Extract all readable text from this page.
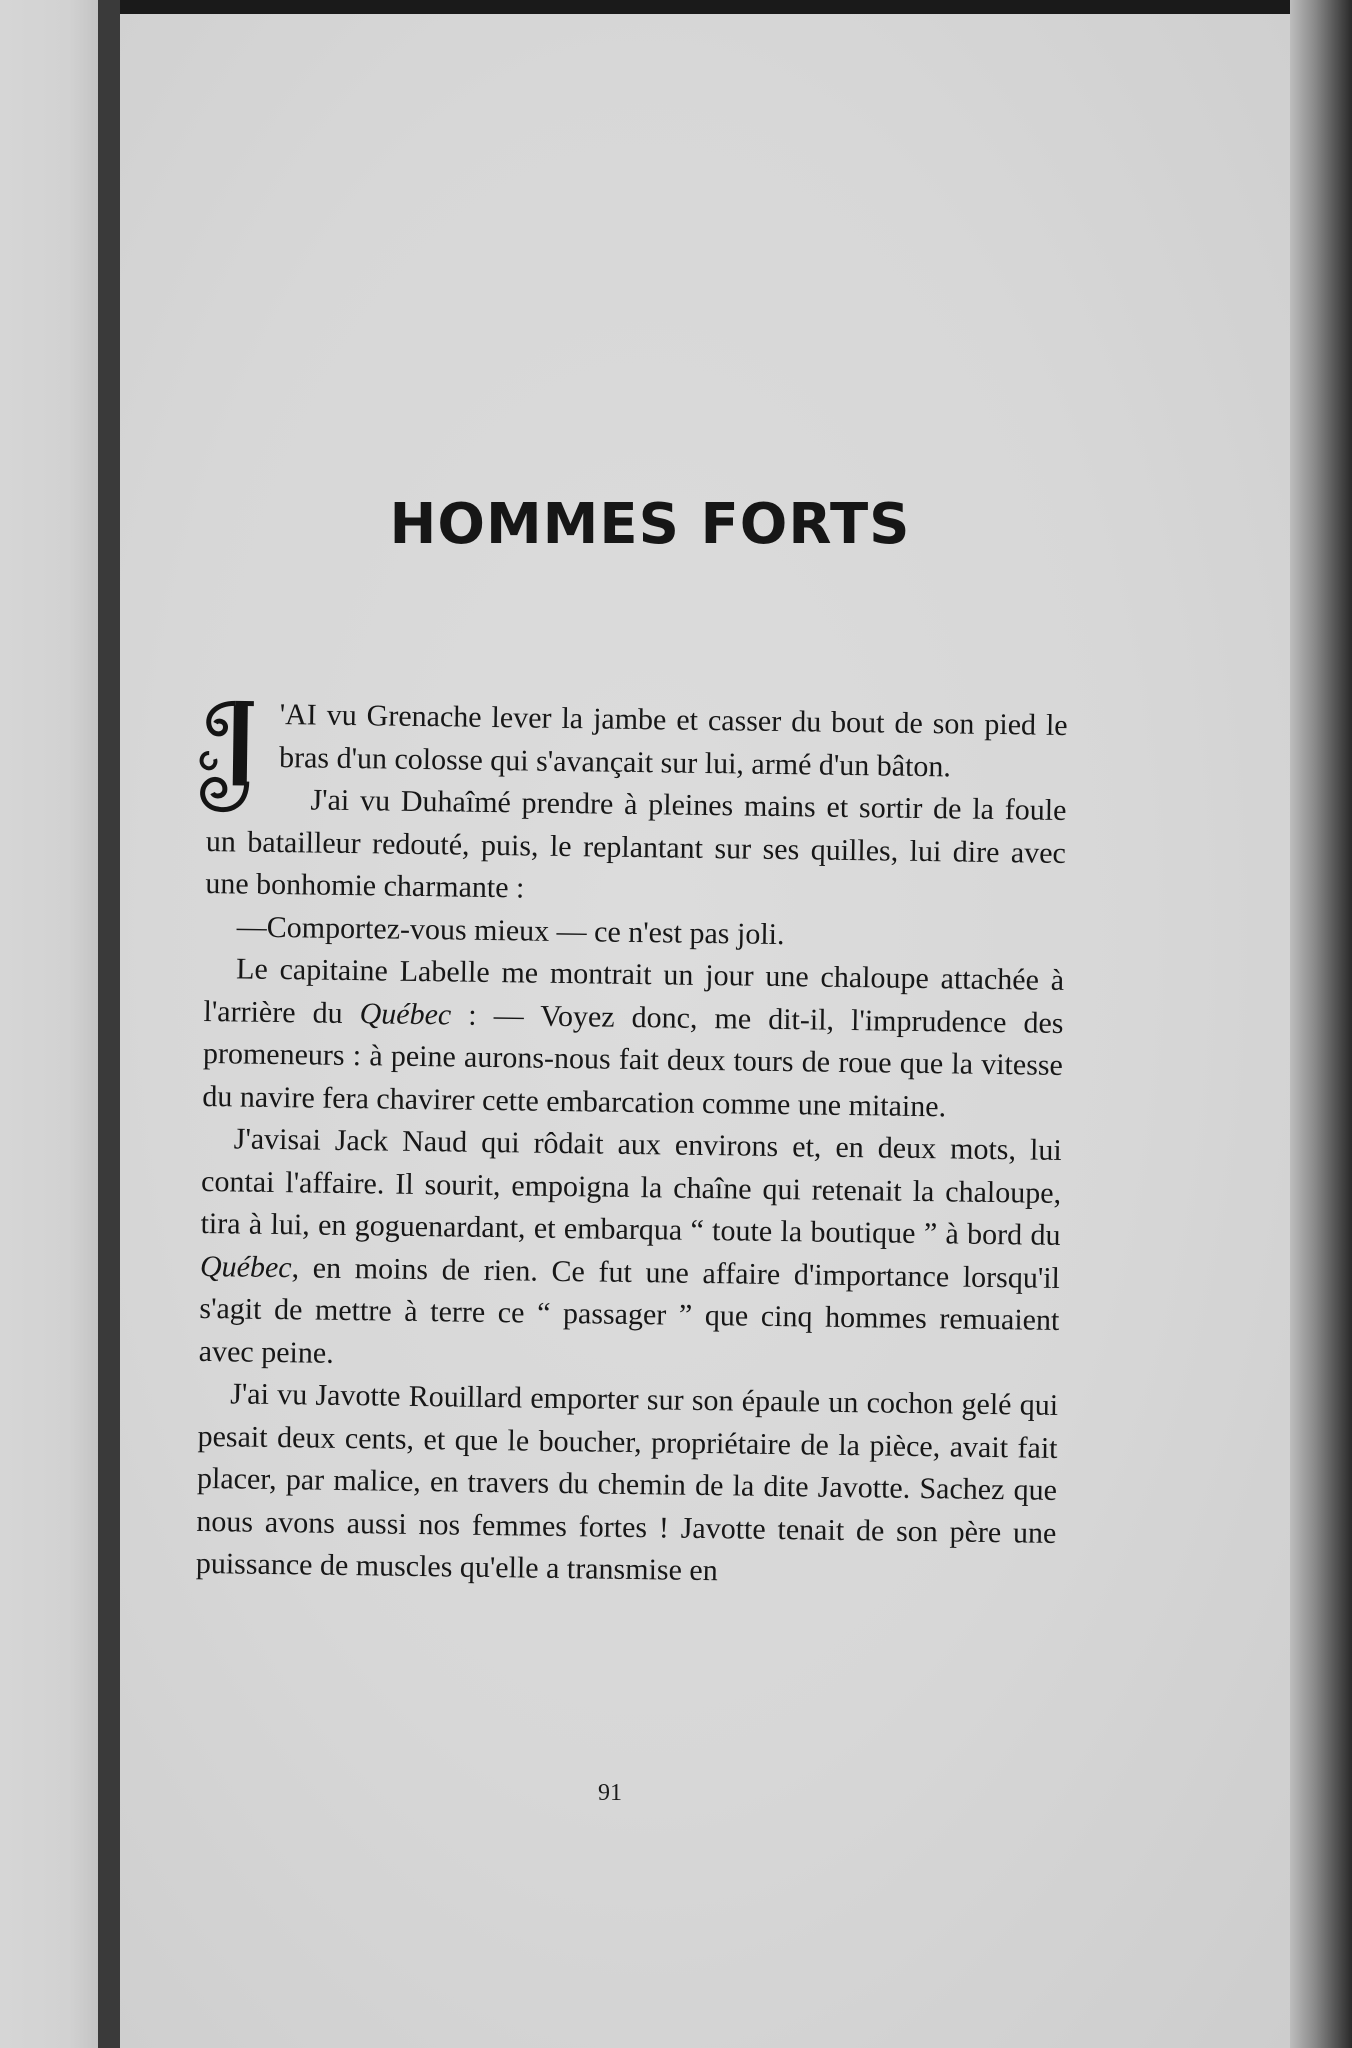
HOMMES FORTS

'AI vu Grenache lever la jambe et casser du bout de son pied le bras d'un colosse qui s'avançait sur lui, armé d'un bâton.

J'ai vu Duhaîmé prendre à pleines mains et sortir de la foule un batailleur redouté, puis, le replantant sur ses quilles, lui dire avec une bonhomie charmante :

—Comportez-vous mieux — ce n'est pas joli.

Le capitaine Labelle me montrait un jour une chaloupe attachée à l'arrière du Québec : — Voyez donc, me dit-il, l'imprudence des promeneurs : à peine aurons-nous fait deux tours de roue que la vitesse du navire fera chavirer cette embarcation comme une mitaine.

J'avisai Jack Naud qui rôdait aux environs et, en deux mots, lui contai l'affaire. Il sourit, empoigna la chaîne qui retenait la chaloupe, tira à lui, en goguenardant, et embarqua “ toute la boutique ” à bord du Québec, en moins de rien. Ce fut une affaire d'importance lorsqu'il s'agit de mettre à terre ce “ passager ” que cinq hommes remuaient avec peine.

J'ai vu Javotte Rouillard emporter sur son épaule un cochon gelé qui pesait deux cents, et que le boucher, propriétaire de la pièce, avait fait placer, par malice, en travers du chemin de la dite Javotte. Sachez que nous avons aussi nos femmes fortes ! Javotte tenait de son père une puissance de muscles qu'elle a transmise en

91
